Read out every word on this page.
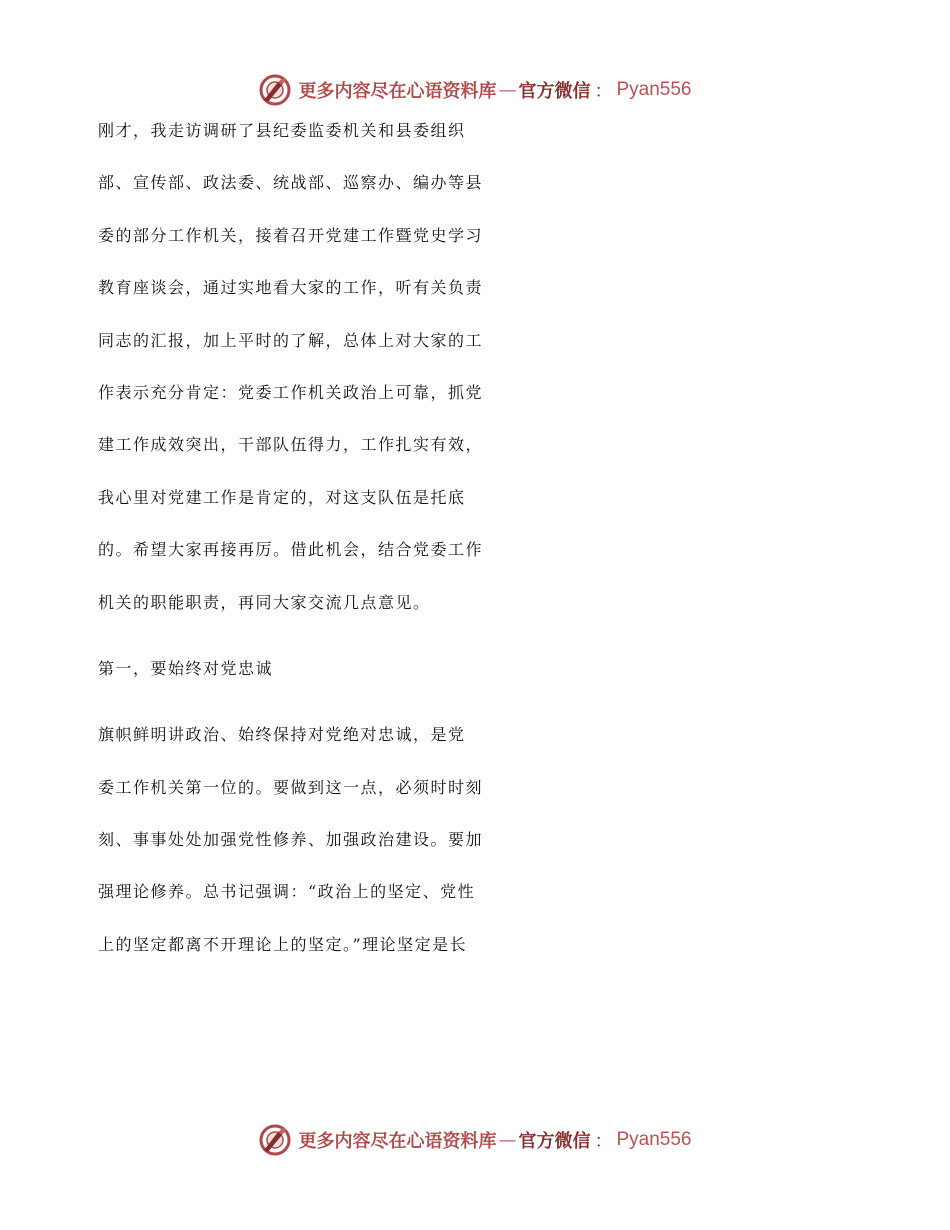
更多内容尽在心语资料库 — 官方微信 ： Pyan556
刚才，我走访调研了县纪委监委机关和县委组织
部、宣传部、政法委、统战部、巡察办、编办等县
委的部分工作机关，接着召开党建工作暨党史学习
教育座谈会，通过实地看大家的工作，听有关负责
同志的汇报，加上平时的了解，总体上对大家的工
作表示充分肯定：党委工作机关政治上可靠，抓党
建工作成效突出，干部队伍得力，工作扎实有效，
我心里对党建工作是肯定的，对这支队伍是托底
的。希望大家再接再厉。借此机会，结合党委工作
机关的职能职责，再同大家交流几点意见。
第一，要始终对党忠诚
旗帜鲜明讲政治、始终保持对党绝对忠诚，是党
委工作机关第一位的。要做到这一点，必须时时刻
刻、事事处处加强党性修养、加强政治建设。要加
强理论修养。总书记强调：“政治上的坚定、党性
上的坚定都离不开理论上的坚定。”理论坚定是长
更多内容尽在心语资料库 — 官方微信 ： Pyan556
